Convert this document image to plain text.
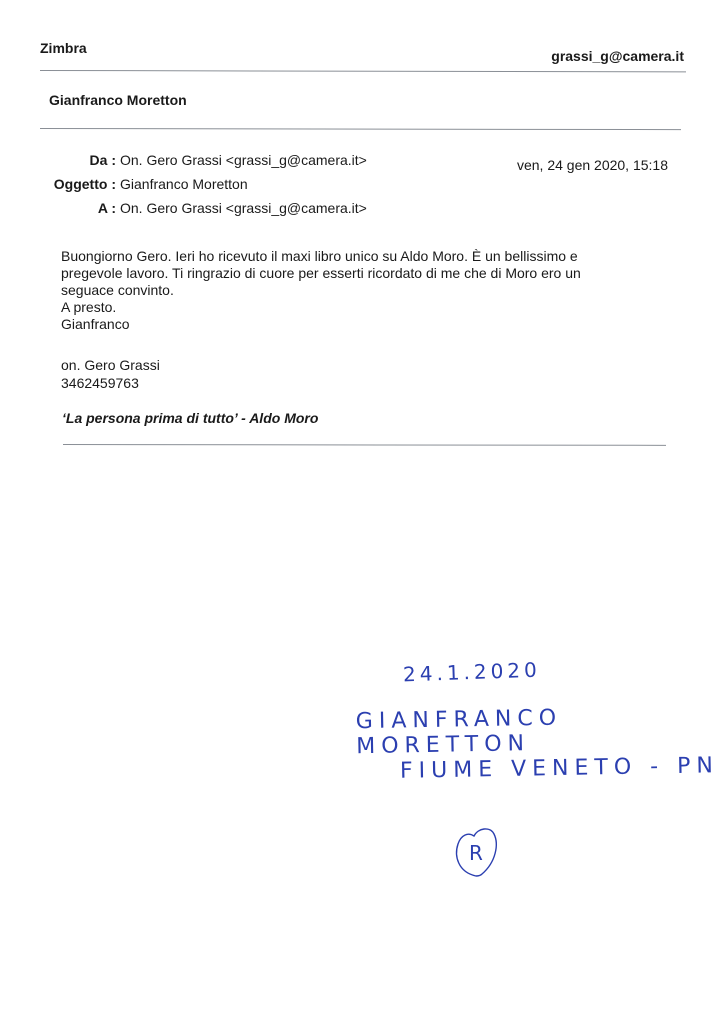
Zimbra	grassi_g@camera.it
Gianfranco Moretton
Da : On. Gero Grassi <grassi_g@camera.it>	ven, 24 gen 2020, 15:18
Oggetto : Gianfranco Moretton
A : On. Gero Grassi <grassi_g@camera.it>
Buongiorno Gero. Ieri ho ricevuto il maxi libro unico su Aldo Moro. È un bellissimo e
pregevole lavoro. Ti ringrazio di cuore per esserti ricordato di me che di Moro ero un
seguace convinto.
A presto.
Gianfranco
on. Gero Grassi
3462459763
‘La persona prima di tutto’ - Aldo Moro
24.1.2020
GIANFRANCO MORETTON
FIUME VENETO - PN
R
